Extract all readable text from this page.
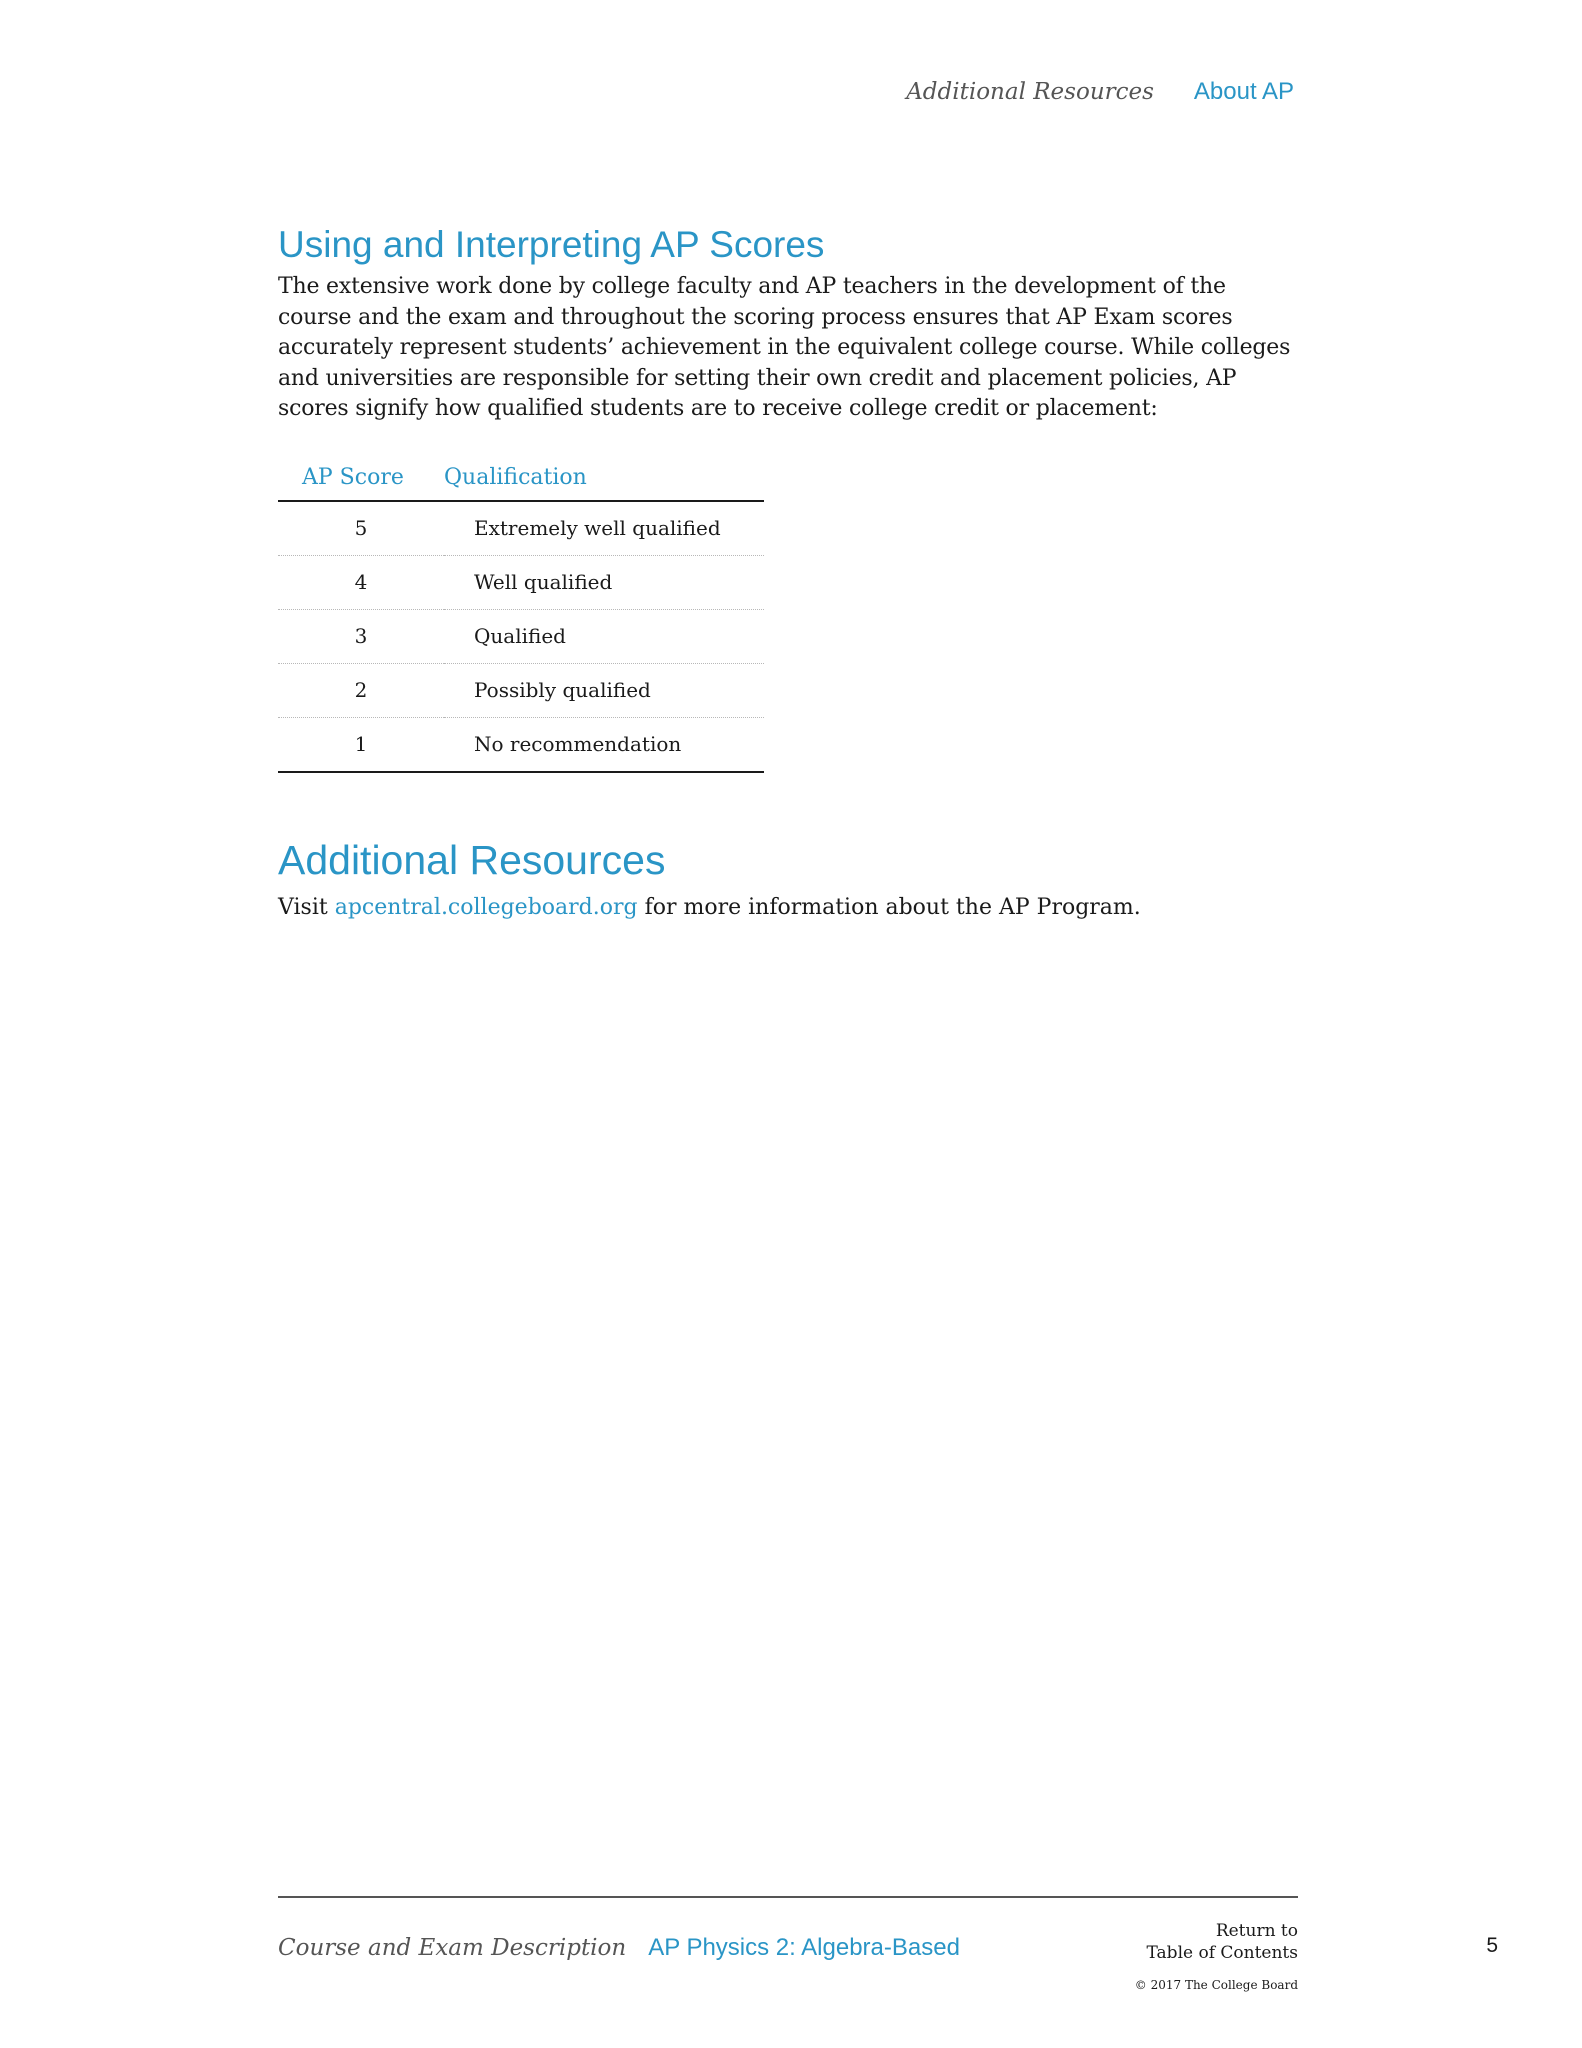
Additional Resources About AP
Using and Interpreting AP Scores

The extensive work done by college faculty and AP teachers in the development of the course and the exam and throughout the scoring process ensures that AP Exam scores accurately represent students’ achievement in the equivalent college course. While colleges and universities are responsible for setting their own credit and placement policies, AP scores signify how qualified students are to receive college credit or placement:

AP Score	Qualification
5	Extremely well qualified
4	Well qualified
3	Qualified
2	Possibly qualified
1	No recommendation
Additional Resources

Visit apcentral.collegeboard.org for more information about the AP Program.

Course and Exam Description AP Physics 2: Algebra-Based
Return to
Table of Contents
© 2017 The College Board
5
